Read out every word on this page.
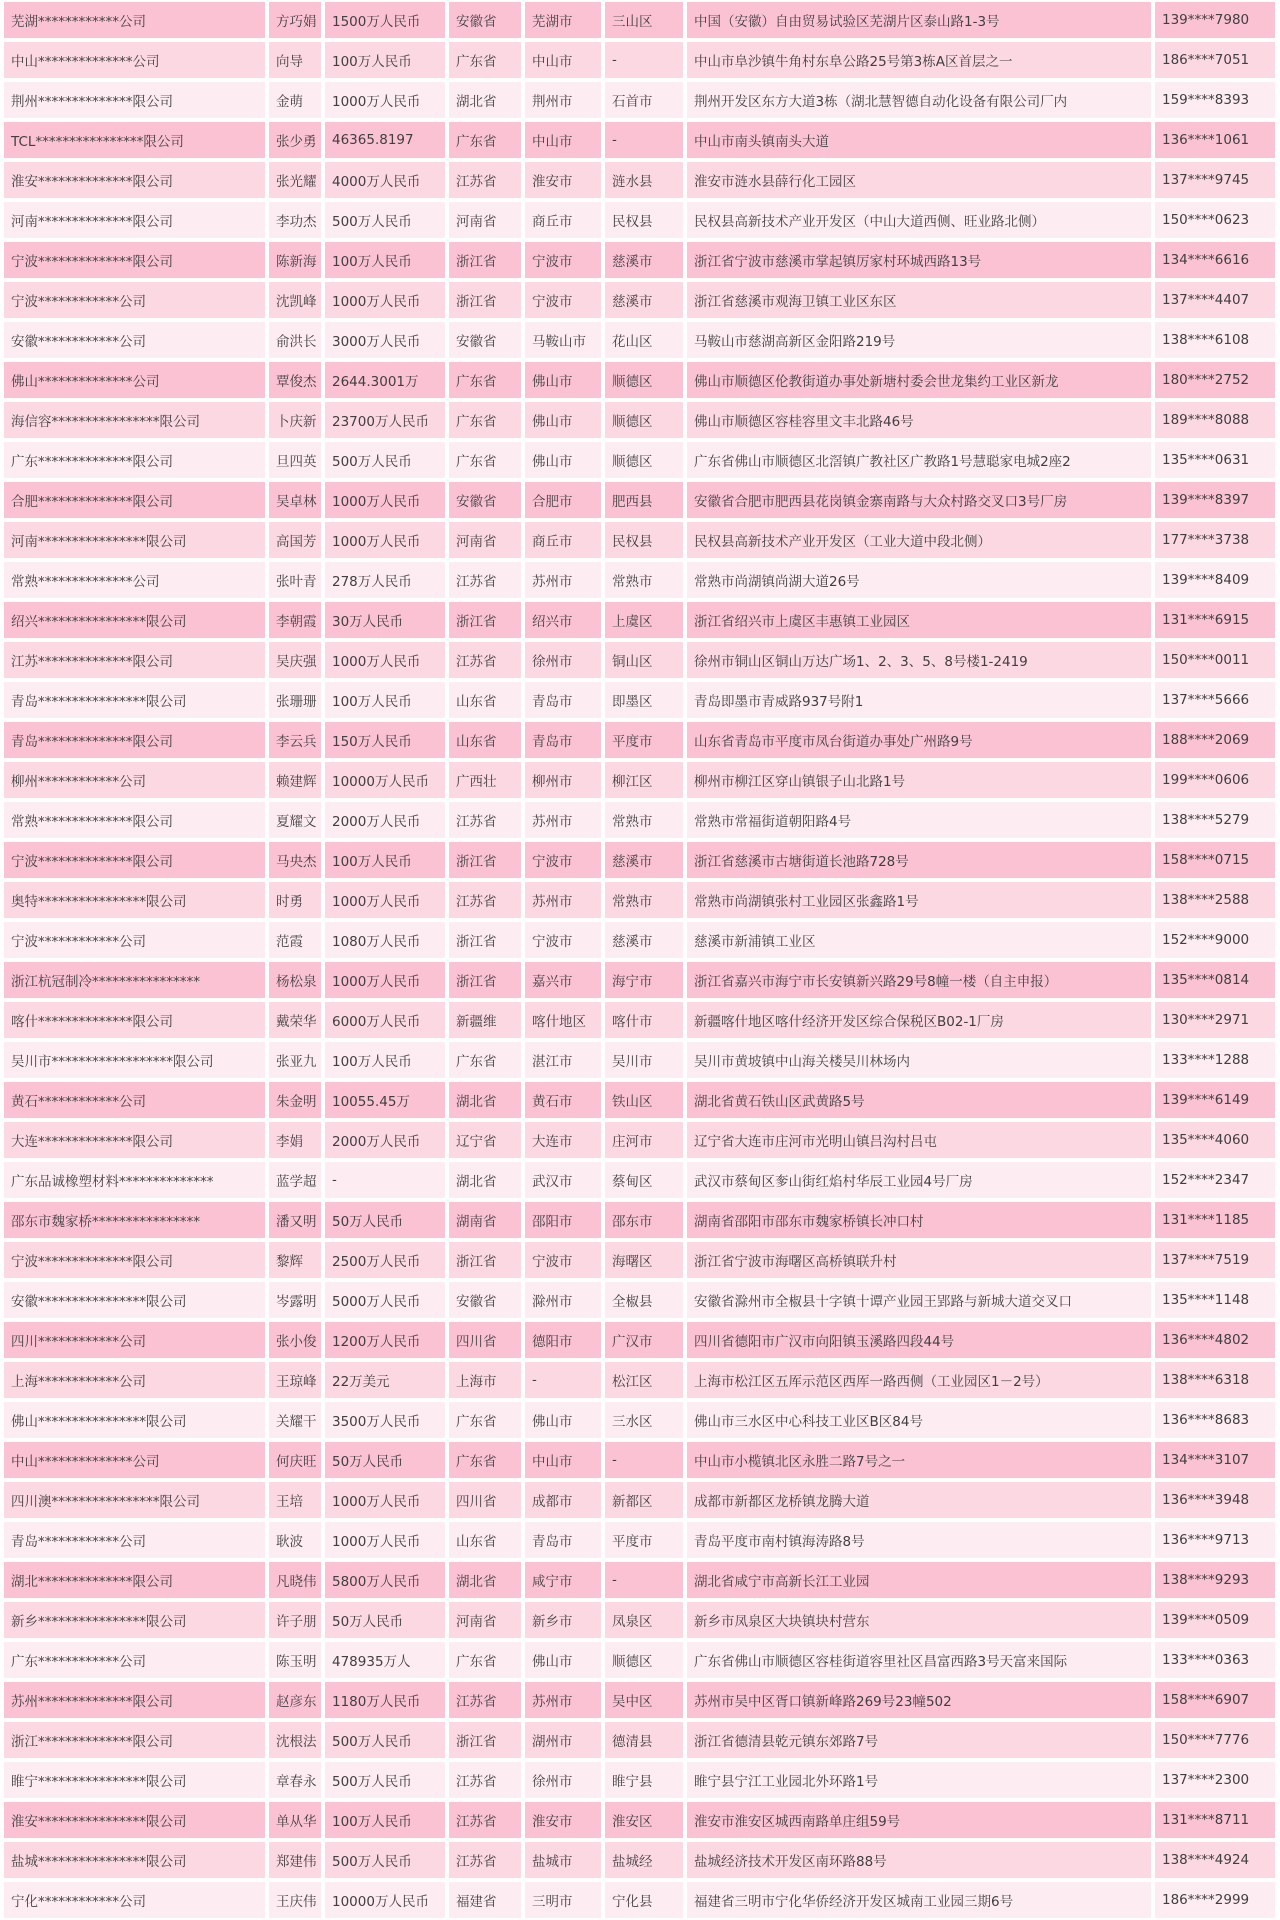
芜湖************公司	方巧娟	1500万人民币	安徽省	芜湖市	三山区	中国（安徽）自由贸易试验区芜湖片区泰山路1-3号	139****7980
中山**************公司	向导	100万人民币	广东省	中山市	-	中山市阜沙镇牛角村东阜公路25号第3栋A区首层之一	186****7051
荆州**************限公司	金萌	1000万人民币	湖北省	荆州市	石首市	荆州开发区东方大道3栋（湖北慧智德自动化设备有限公司厂内	159****8393
TCL****************限公司	张少勇	46365.8197	广东省	中山市	-	中山市南头镇南头大道	136****1061
淮安**************限公司	张光耀	4000万人民币	江苏省	淮安市	涟水县	淮安市涟水县薛行化工园区	137****9745
河南**************限公司	李功杰	500万人民币	河南省	商丘市	民权县	民权县高新技术产业开发区（中山大道西侧、旺业路北侧）	150****0623
宁波**************限公司	陈新海	100万人民币	浙江省	宁波市	慈溪市	浙江省宁波市慈溪市掌起镇厉家村环城西路13号	134****6616
宁波************公司	沈凯峰	1000万人民币	浙江省	宁波市	慈溪市	浙江省慈溪市观海卫镇工业区东区	137****4407
安徽************公司	俞洪长	3000万人民币	安徽省	马鞍山市	花山区	马鞍山市慈湖高新区金阳路219号	138****6108
佛山**************公司	覃俊杰	2644.3001万	广东省	佛山市	顺德区	佛山市顺德区伦教街道办事处新塘村委会世龙集约工业区新龙	180****2752
海信容****************限公司	卜庆新	23700万人民币	广东省	佛山市	顺德区	佛山市顺德区容桂容里文丰北路46号	189****8088
广东**************限公司	旦四英	500万人民币	广东省	佛山市	顺德区	广东省佛山市顺德区北滘镇广教社区广教路1号慧聪家电城2座2	135****0631
合肥**************限公司	吴卓林	1000万人民币	安徽省	合肥市	肥西县	安徽省合肥市肥西县花岗镇金寨南路与大众村路交叉口3号厂房	139****8397
河南****************限公司	高国芳	1000万人民币	河南省	商丘市	民权县	民权县高新技术产业开发区（工业大道中段北侧）	177****3738
常熟**************公司	张叶青	278万人民币	江苏省	苏州市	常熟市	常熟市尚湖镇尚湖大道26号	139****8409
绍兴****************限公司	李朝霞	30万人民币	浙江省	绍兴市	上虞区	浙江省绍兴市上虞区丰惠镇工业园区	131****6915
江苏**************限公司	吴庆强	1000万人民币	江苏省	徐州市	铜山区	徐州市铜山区铜山万达广场1、2、3、5、8号楼1-2419	150****0011
青岛****************限公司	张珊珊	100万人民币	山东省	青岛市	即墨区	青岛即墨市青威路937号附1	137****5666
青岛**************限公司	李云兵	150万人民币	山东省	青岛市	平度市	山东省青岛市平度市凤台街道办事处广州路9号	188****2069
柳州************公司	赖建辉	10000万人民币	广西壮	柳州市	柳江区	柳州市柳江区穿山镇银子山北路1号	199****0606
常熟**************限公司	夏耀文	2000万人民币	江苏省	苏州市	常熟市	常熟市常福街道朝阳路4号	138****5279
宁波**************限公司	马央杰	100万人民币	浙江省	宁波市	慈溪市	浙江省慈溪市古塘街道长池路728号	158****0715
奥特****************限公司	时勇	1000万人民币	江苏省	苏州市	常熟市	常熟市尚湖镇张村工业园区张鑫路1号	138****2588
宁波************公司	范霞	1080万人民币	浙江省	宁波市	慈溪市	慈溪市新浦镇工业区	152****9000
浙江杭冠制冷****************	杨松泉	1000万人民币	浙江省	嘉兴市	海宁市	浙江省嘉兴市海宁市长安镇新兴路29号8幢一楼（自主申报）	135****0814
喀什**************限公司	戴荣华	6000万人民币	新疆维	喀什地区	喀什市	新疆喀什地区喀什经济开发区综合保税区B02-1厂房	130****2971
吴川市******************限公司	张亚九	100万人民币	广东省	湛江市	吴川市	吴川市黄坡镇中山海关楼吴川林场内	133****1288
黄石************公司	朱金明	10055.45万	湖北省	黄石市	铁山区	湖北省黄石铁山区武黄路5号	139****6149
大连**************限公司	李娟	2000万人民币	辽宁省	大连市	庄河市	辽宁省大连市庄河市光明山镇吕沟村吕屯	135****4060
广东品诚橡塑材料**************	蓝学超	-	湖北省	武汉市	蔡甸区	武汉市蔡甸区奓山街红焰村华辰工业园4号厂房	152****2347
邵东市魏家桥****************	潘又明	50万人民币	湖南省	邵阳市	邵东市	湖南省邵阳市邵东市魏家桥镇长冲口村	131****1185
宁波**************限公司	黎辉	2500万人民币	浙江省	宁波市	海曙区	浙江省宁波市海曙区高桥镇联升村	137****7519
安徽****************限公司	岑露明	5000万人民币	安徽省	滁州市	全椒县	安徽省滁州市全椒县十字镇十谭产业园王郢路与新城大道交叉口	135****1148
四川************公司	张小俊	1200万人民币	四川省	德阳市	广汉市	四川省德阳市广汉市向阳镇玉溪路四段44号	136****4802
上海************公司	王琼峰	22万美元	上海市	-	松江区	上海市松江区五厍示范区西厍一路西侧（工业园区1－2号）	138****6318
佛山****************限公司	关耀干	3500万人民币	广东省	佛山市	三水区	佛山市三水区中心科技工业区B区84号	136****8683
中山**************公司	何庆旺	50万人民币	广东省	中山市	-	中山市小榄镇北区永胜二路7号之一	134****3107
四川澳****************限公司	王培	1000万人民币	四川省	成都市	新都区	成都市新都区龙桥镇龙腾大道	136****3948
青岛************公司	耿波	1000万人民币	山东省	青岛市	平度市	青岛平度市南村镇海涛路8号	136****9713
湖北**************限公司	凡晓伟	5800万人民币	湖北省	咸宁市	-	湖北省咸宁市高新长江工业园	138****9293
新乡****************限公司	许子朋	50万人民币	河南省	新乡市	凤泉区	新乡市凤泉区大块镇块村营东	139****0509
广东************公司	陈玉明	478935万人	广东省	佛山市	顺德区	广东省佛山市顺德区容桂街道容里社区昌富西路3号天富来国际	133****0363
苏州**************限公司	赵彦东	1180万人民币	江苏省	苏州市	吴中区	苏州市吴中区胥口镇新峰路269号23幢502	158****6907
浙江**************限公司	沈根法	500万人民币	浙江省	湖州市	德清县	浙江省德清县乾元镇东郊路7号	150****7776
睢宁****************限公司	章春永	500万人民币	江苏省	徐州市	睢宁县	睢宁县宁江工业园北外环路1号	137****2300
淮安****************限公司	单从华	100万人民币	江苏省	淮安市	淮安区	淮安市淮安区城西南路单庄组59号	131****8711
盐城****************限公司	郑建伟	500万人民币	江苏省	盐城市	盐城经	盐城经济技术开发区南环路88号	138****4924
宁化************公司	王庆伟	10000万人民币	福建省	三明市	宁化县	福建省三明市宁化华侨经济开发区城南工业园三期6号	186****2999
